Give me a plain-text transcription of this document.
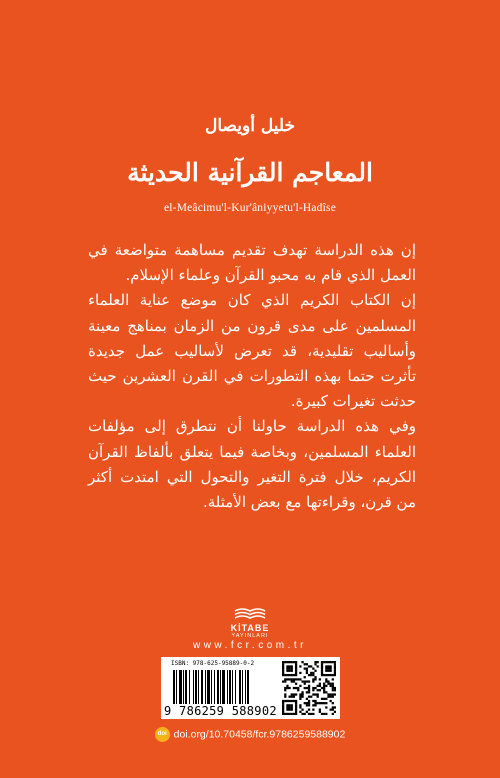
خليل أويصال
المعاجم القرآنية الحديثة
el-Meâcimu'l-Kur'âniyyetu'l-Hadîse

إن هذه الدراسة تهدف تقديم مساهمة متواضعة في العمل الذي قام به محبو القرآن وعلماء الإسلام.

إن الكتاب الكريم الذي كان موضع عناية العلماء المسلمين على مدى قرون من الزمان بمناهج معينة وأساليب تقليدية، قد تعرض لأساليب عمل جديدة تأثرت حتما بهذه التطورات في القرن العشرين حيث حدثت تغيرات كبيرة.

وفي هذه الدراسة حاولنا أن نتطرق إلى مؤلفات العلماء المسلمين، وبخاصة فيما يتعلق بألفاظ القرآن الكريم، خلال فترة التغير والتحول التي امتدت أكثر من قرن، وقراءتها مع بعض الأمثلة.

KİTABE
YAYINLARI
www.fcr.com.tr
ISBN: 978-625-95889-0-2
9 786259 588902
doi doi.org/10.70458/fcr.9786259588902
